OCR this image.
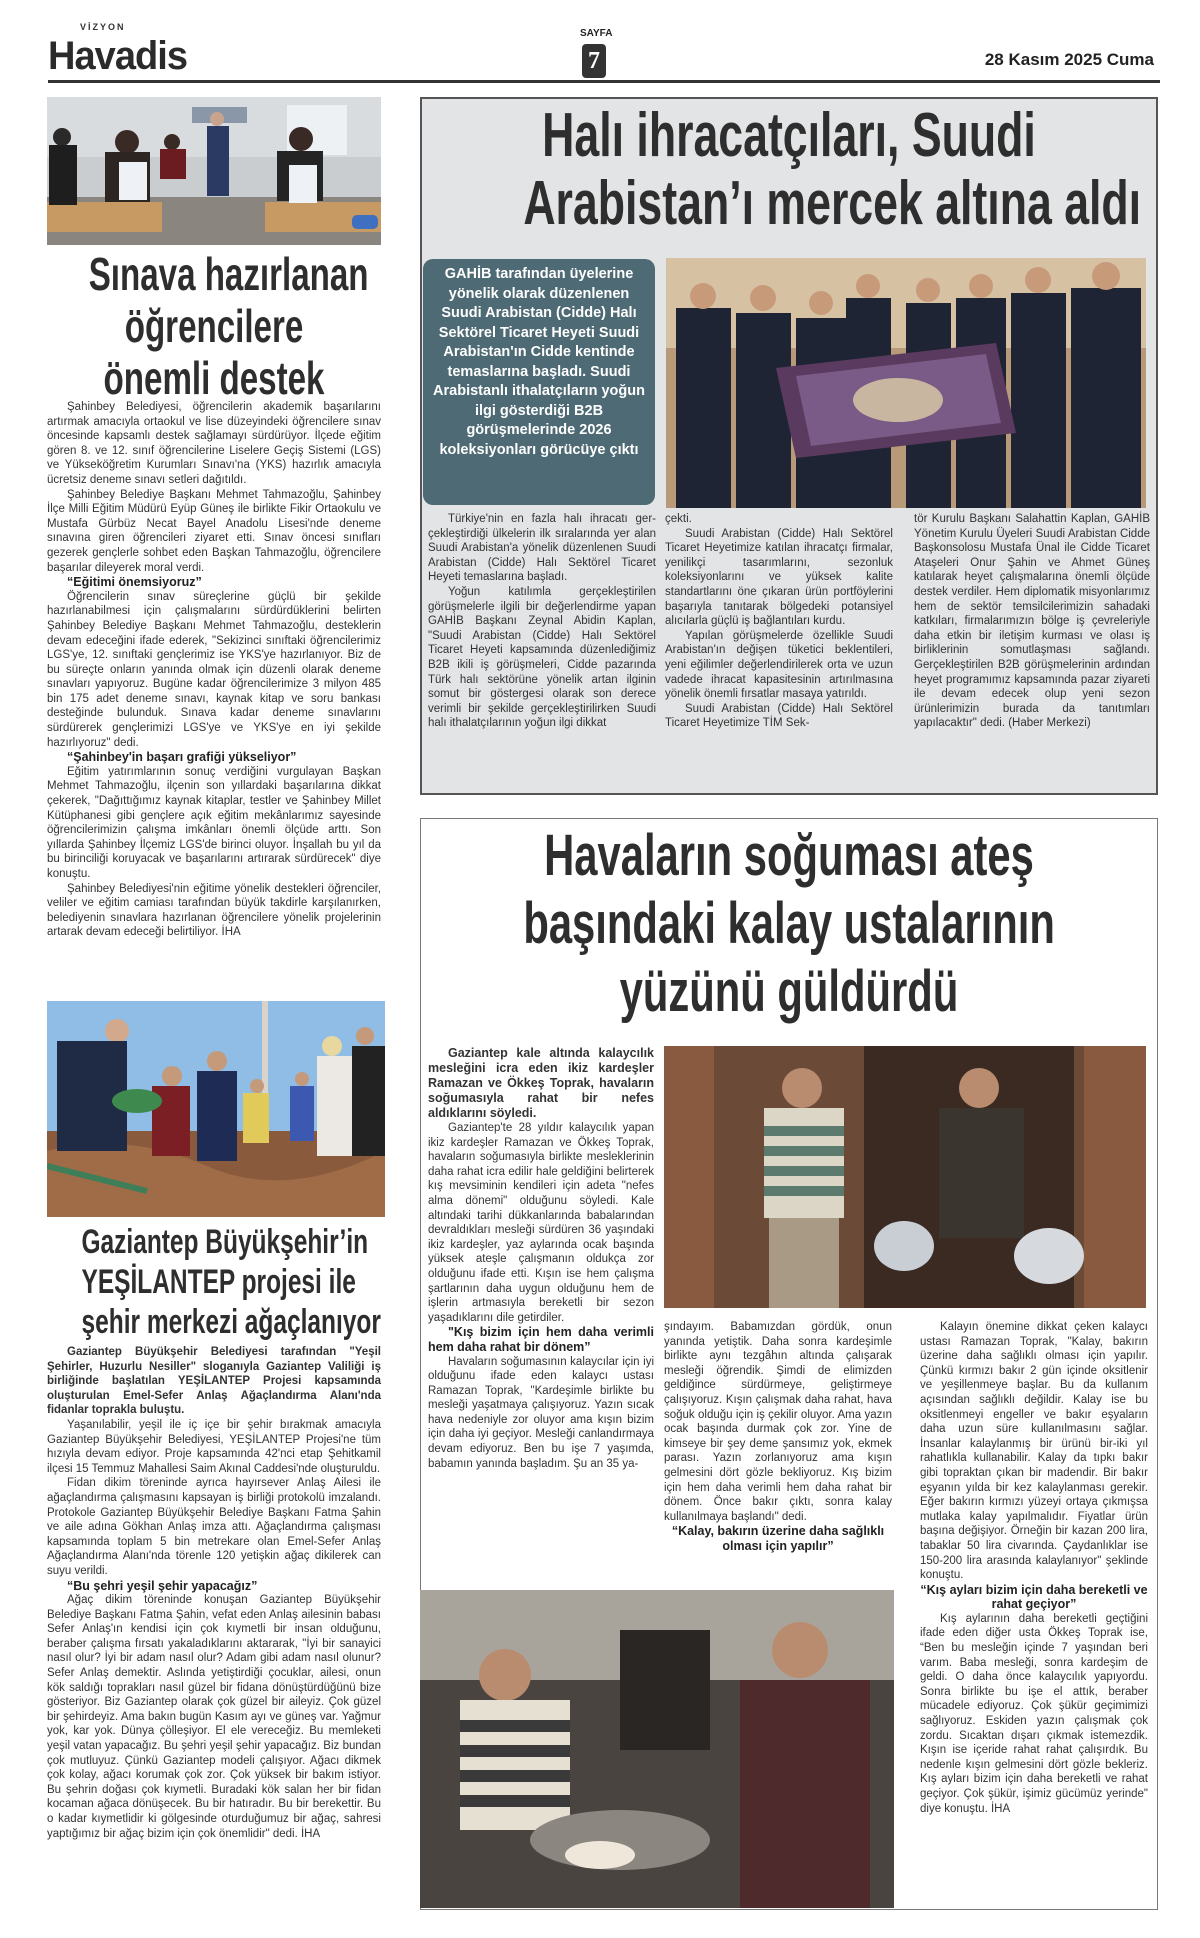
VİZYON
Havadis
SAYFA
7	28 Kasım 2025 Cuma
Sınava hazırlanan
öğrencilere
önemli destek

Şahinbey Belediyesi, öğrencilerin akademik başarılarını artırmak amacıyla ortaokul ve lise düzeyindeki öğrencilere sınav öncesinde kapsamlı destek sağlamayı sürdürüyor. İlçede eğitim gören 8. ve 12. sınıf öğrencilerine Liselere Geçiş Sistemi (LGS) ve Yükseköğretim Kurumları Sınavı'na (YKS) hazırlık amacıyla ücretsiz deneme sınavı setleri dağıtıldı.

Şahinbey Belediye Başkanı Mehmet Tahmazoğlu, Şahinbey İlçe Milli Eğitim Müdürü Eyüp Güneş ile birlikte Fikir Ortaokulu ve Mustafa Gürbüz Necat Bayel Anadolu Lisesi'nde deneme sınavına giren öğrencileri ziyaret etti. Sınav öncesi sınıfları gezerek gençlerle sohbet eden Başkan Tahmazoğlu, öğrencilere başarılar dileyerek moral verdi.

“Eğitimi önemsiyoruz”

Öğrencilerin sınav süreçlerine güçlü bir şekilde hazırlanabilmesi için çalışmalarını sürdürdüklerini belirten Şahinbey Belediye Başkanı Mehmet Tahmazoğlu, desteklerin devam edeceğini ifade ederek, "Sekizinci sınıftaki öğrencilerimiz LGS'ye, 12. sınıftaki gençlerimiz ise YKS'ye hazırlanıyor. Biz de bu süreçte onların yanında olmak için düzenli olarak deneme sınavları yapıyoruz. Bugüne kadar öğrencilerimize 3 milyon 485 bin 175 adet deneme sınavı, kaynak kitap ve soru bankası desteğinde bulunduk. Sınava kadar deneme sınavlarını sürdürerek gençlerimizi LGS'ye ve YKS'ye en iyi şekilde hazırlıyoruz" dedi.

“Şahinbey'in başarı grafiği yükseliyor”

Eğitim yatırımlarının sonuç verdiğini vurgulayan Başkan Mehmet Tahmazoğlu, ilçenin son yıllardaki başarılarına dikkat çekerek, "Dağıttığımız kaynak kitaplar, testler ve Şahinbey Millet Kütüphanesi gibi gençlere açık eğitim mekânlarımız sayesinde öğrencilerimizin çalışma imkânları önemli ölçüde arttı. Son yıllarda Şahinbey İlçemiz LGS'de birinci oluyor. İnşallah bu yıl da bu birinciliği koruyacak ve başarılarını artırarak sürdürecek" diye konuştu.

Şahinbey Belediyesi'nin eğitime yönelik destekleri öğrenciler, veliler ve eğitim camiası tarafından büyük takdirle karşılanırken, belediyenin sınavlara hazırlanan öğrencilere yönelik projelerinin artarak devam edeceği belirtiliyor. İHA

Gaziantep Büyükşehir’in
YEŞİLANTEP projesi ile
şehir merkezi ağaçlanıyor

Gaziantep Büyükşehir Belediyesi tarafından "Yeşil Şehirler, Huzurlu Nesiller" sloganıyla Gaziantep Valiliği iş birliğinde başlatılan YEŞİLANTEP Projesi kapsamında oluşturulan Emel-Sefer Anlaş Ağaçlandırma Alanı'nda fidanlar toprakla buluştu.

Yaşanılabilir, yeşil ile iç içe bir şehir bırakmak amacıyla Gaziantep Büyükşehir Belediyesi, YEŞİLANTEP Projesi'ne tüm hızıyla devam ediyor. Proje kapsamında 42'nci etap Şehitkamil ilçesi 15 Temmuz Mahallesi Saim Akınal Caddesi'nde oluşturuldu.

Fidan dikim töreninde ayrıca hayırsever Anlaş Ailesi ile ağaçlandırma çalışmasını kapsayan iş birliği protokolü imzalandı. Protokole Gaziantep Büyükşehir Belediye Başkanı Fatma Şahin ve aile adına Gökhan Anlaş imza attı. Ağaçlandırma çalışması kapsamında toplam 5 bin metrekare olan Emel-Sefer Anlaş Ağaçlandırma Alanı'nda törenle 120 yetişkin ağaç dikilerek can suyu verildi.

“Bu şehri yeşil şehir yapacağız”

Ağaç dikim töreninde konuşan Gaziantep Büyükşehir Belediye Başkanı Fatma Şahin, vefat eden Anlaş ailesinin babası Sefer Anlaş'ın kendisi için çok kıymetli bir insan olduğunu, beraber çalışma fırsatı yakaladıklarını aktararak, "İyi bir sanayici nasıl olur? İyi bir adam nasıl olur? Adam gibi adam nasıl olunur? Sefer Anlaş demektir. Aslında yetiştirdiği çocuklar, ailesi, onun kök saldığı toprakları nasıl güzel bir fidana dönüştürdüğünü bize gösteriyor. Biz Gaziantep olarak çok güzel bir aileyiz. Çok güzel bir şehirdeyiz. Ama bakın bugün Kasım ayı ve güneş var. Yağmur yok, kar yok. Dünya çölleşiyor. El ele vereceğiz. Bu memleketi yeşil vatan yapacağız. Bu şehri yeşil şehir yapacağız. Biz bundan çok mutluyuz. Çünkü Gaziantep modeli çalışıyor. Ağacı dikmek çok kolay, ağacı korumak çok zor. Çok yüksek bir bakım istiyor. Bu şehrin doğası çok kıymetli. Buradaki kök salan her bir fidan kocaman ağaca dönüşecek. Bu bir hatıradır. Bu bir berekettir. Bu o kadar kıymetlidir ki gölgesinde oturduğumuz bir ağaç, sahresi yaptığımız bir ağaç bizim için çok önemlidir" dedi. İHA

Halı ihracatçıları, Suudi
Arabistan’ı mercek altına aldı
GAHİB tarafından üyelerine yönelik olarak düzenlenen Suudi Arabistan (Cidde) Halı Sektörel Ticaret Heyeti Suudi Arabistan'ın Cidde kentinde temaslarına başladı. Suudi Arabistanlı ithalatçıların yoğun ilgi gösterdiği B2B görüşmelerinde 2026 koleksiyonları görücüye çıktı

Türkiye'nin en fazla halı ihracatı ger-çekleştirdiği ülkelerin ilk sıralarında yer alan Suudi Arabistan'a yönelik düzenlenen Suudi Arabistan (Cidde) Halı Sektörel Ticaret Heyeti temaslarına başladı.

Yoğun katılımla gerçekleştirilen görüşmelerle ilgili bir değerlendirme yapan GAHİB Başkanı Zeynal Abidin Kaplan, "Suudi Arabistan (Cidde) Halı Sektörel Ticaret Heyeti kapsamında düzenlediğimiz B2B ikili iş görüşmeleri, Cidde pazarında Türk halı sektörüne yönelik artan ilginin somut bir göstergesi olarak son derece verimli bir şekilde gerçekleştirilirken Suudi halı ithalatçılarının yoğun ilgi dikkat

çekti.

Suudi Arabistan (Cidde) Halı Sektörel Ticaret Heyetimize katılan ihracatçı firmalar, yenilikçi tasarımlarını, sezonluk koleksiyonlarını ve yüksek kalite standartlarını öne çıkaran ürün portföylerini başarıyla tanıtarak bölgedeki potansiyel alıcılarla güçlü iş bağlantıları kurdu.

Yapılan görüşmelerde özellikle Suudi Arabistan'ın değişen tüketici beklentileri, yeni eğilimler değerlendirilerek orta ve uzun vadede ihracat kapasitesinin artırılmasına yönelik önemli fırsatlar masaya yatırıldı.

Suudi Arabistan (Cidde) Halı Sektörel Ticaret Heyetimize TİM Sek-

tör Kurulu Başkanı Salahattin Kaplan, GAHİB Yönetim Kurulu Üyeleri Suudi Arabistan Cidde Başkonsolosu Mustafa Ünal ile Cidde Ticaret Ataşeleri Onur Şahin ve Ahmet Güneş katılarak heyet çalışmalarına önemli ölçüde destek verdiler. Hem diplomatik misyonlarımız hem de sektör temsilcilerimizin sahadaki katkıları, firmalarımızın bölge iş çevreleriyle daha etkin bir iletişim kurması ve olası iş birliklerinin somutlaşması sağlandı. Gerçekleştirilen B2B görüşmelerinin ardından heyet programımız kapsamında pazar ziyareti ile devam edecek olup yeni sezon ürünlerimizin burada da tanıtımları yapılacaktır" dedi. (Haber Merkezi)

Havaların soğuması ateş
başındaki kalay ustalarının
yüzünü güldürdü

Gaziantep kale altında kalaycılık mesleğini icra eden ikiz kardeşler Ramazan ve Ökkeş Toprak, havaların soğumasıyla rahat bir nefes aldıklarını söyledi.

Gaziantep'te 28 yıldır kalaycılık yapan ikiz kardeşler Ramazan ve Ökkeş Toprak, havaların soğumasıyla birlikte mesleklerinin daha rahat icra edilir hale geldiğini belirterek kış mevsiminin kendileri için adeta "nefes alma dönemi" olduğunu söyledi. Kale altındaki tarihi dükkanlarında babalarından devraldıkları mesleği sürdüren 36 yaşındaki ikiz kardeşler, yaz aylarında ocak başında yüksek ateşle çalışmanın oldukça zor olduğunu ifade etti. Kışın ise hem çalışma şartlarının daha uygun olduğunu hem de işlerin artmasıyla bereketli bir sezon yaşadıklarını dile getirdiler.

"Kış bizim için hem daha verimli hem daha rahat bir dönem”

Havaların soğumasının kalaycılar için iyi olduğunu ifade eden kalaycı ustası Ramazan Toprak, "Kardeşimle birlikte bu mesleği yaşatmaya çalışıyoruz. Yazın sıcak hava nedeniyle zor oluyor ama kışın bizim için daha iyi geçiyor. Mesleği canlandırmaya devam ediyoruz. Ben bu işe 7 yaşımda, babamın yanında başladım. Şu an 35 ya-

şındayım. Babamızdan gördük, onun yanında yetiştik. Daha sonra kardeşimle birlikte aynı tezgâhın altında çalışarak mesleği öğrendik. Şimdi de elimizden geldiğince sürdürmeye, geliştirmeye çalışıyoruz. Kışın çalışmak daha rahat, hava soğuk olduğu için iş çekilir oluyor. Ama yazın ocak başında durmak çok zor. Yine de kimseye bir şey deme şansımız yok, ekmek parası. Yazın zorlanıyoruz ama kışın gelmesini dört gözle bekliyoruz. Kış bizim için hem daha verimli hem daha rahat bir dönem. Önce bakır çıktı, sonra kalay kullanılmaya başlandı" dedi.

“Kalay, bakırın üzerine daha sağlıklı olması için yapılır”

Kalayın önemine dikkat çeken kalaycı ustası Ramazan Toprak, "Kalay, bakırın üzerine daha sağlıklı olması için yapılır. Çünkü kırmızı bakır 2 gün içinde oksitlenir ve yeşillenmeye başlar. Bu da kullanım açısından sağlıklı değildir. Kalay ise bu oksitlenmeyi engeller ve bakır eşyaların daha uzun süre kullanılmasını sağlar. İnsanlar kalaylanmış bir ürünü bir-iki yıl rahatlıkla kullanabilir. Kalay da tıpkı bakır gibi topraktan çıkan bir madendir. Bir bakır eşyanın yılda bir kez kalaylanması gerekir. Eğer bakırın kırmızı yüzeyi ortaya çıkmışsa mutlaka kalay yapılmalıdır. Fiyatlar ürün başına değişiyor. Örneğin bir kazan 200 lira, tabaklar 50 lira civarında. Çaydanlıklar ise 150-200 lira arasında kalaylanıyor" şeklinde konuştu.

“Kış ayları bizim için daha bereketli ve rahat geçiyor”

Kış aylarının daha bereketli geçtiğini ifade eden diğer usta Ökkeş Toprak ise, “Ben bu mesleğin içinde 7 yaşından beri varım. Baba mesleği, sonra kardeşim de geldi. O daha önce kalaycılık yapıyordu. Sonra birlikte bu işe el attık, beraber mücadele ediyoruz. Çok şükür geçimimizi sağlıyoruz. Eskiden yazın çalışmak çok zordu. Sıcaktan dışarı çıkmak istemezdik. Kışın ise içeride rahat rahat çalışırdık. Bu nedenle kışın gelmesini dört gözle bekleriz. Kış ayları bizim için daha bereketli ve rahat geçiyor. Çok şükür, işimiz gücümüz yerinde" diye konuştu. İHA
